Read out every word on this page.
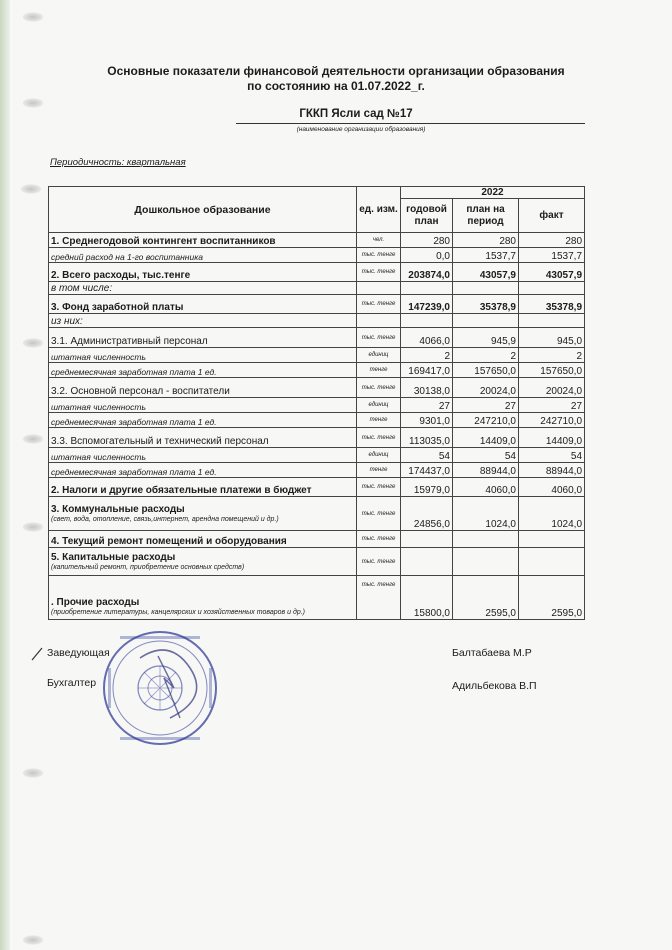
Основные показатели финансовой деятельности организации образования
по состоянию на 01.07.2022_г.
ГККП Ясли сад №17
(наименование организации образования)
Периодичность: квартальная
Дошкольное образование	ед. изм.	2022		
		годовой план	план на период	факт
1. Среднегодовой контингент воспитанников	чел.	280	280	280
средний расход на 1-го воспитанника	тыс. тенге	0,0	1537,7	1537,7
2. Всего расходы, тыс.тенге	тыс. тенге	203874,0	43057,9	43057,9
в том числе:				
3. Фонд заработной платы	тыс. тенге	147239,0	35378,9	35378,9
из них:				
3.1. Административный персонал	тыс. тенге	4066,0	945,9	945,0
штатная численность	единиц	2	2	2
среднемесячная заработная плата 1 ед.	тенге	169417,0	157650,0	157650,0
3.2. Основной персонал - воспитатели	тыс. тенге	30138,0	20024,0	20024,0
штатная численность	единиц	27	27	27
среднемесячная заработная плата 1 ед.	тенге	9301,0	247210,0	242710,0
3.3. Вспомогательный и технический персонал	тыс. тенге	113035,0	14409,0	14409,0
штатная численность	единиц	54	54	54
среднемесячная заработная плата 1 ед.	тенге	174437,0	88944,0	88944,0
2. Налоги и другие обязательные платежи в бюджет	тыс. тенге	15979,0	4060,0	4060,0

3. Коммунальные расходы
(свет, вода, отопление, связь,интернет, арендна помещений и др.)	тыс. тенге	24856,0	1024,0	1024,0
4. Текущий ремонт помещений и оборудования	тыс. тенге			

5. Капитальные расходы
(капительный ремонт, приобретение основных средств)	тыс. тенге			

. Прочие расходы
(приобретение литературы, канцелярских и хозяйственных товаров и др.)	тыс. тенге	15800,0	2595,0	2595,0
Заведующая	Балтабаева М.Р
Бухгалтер	Адильбекова В.П
